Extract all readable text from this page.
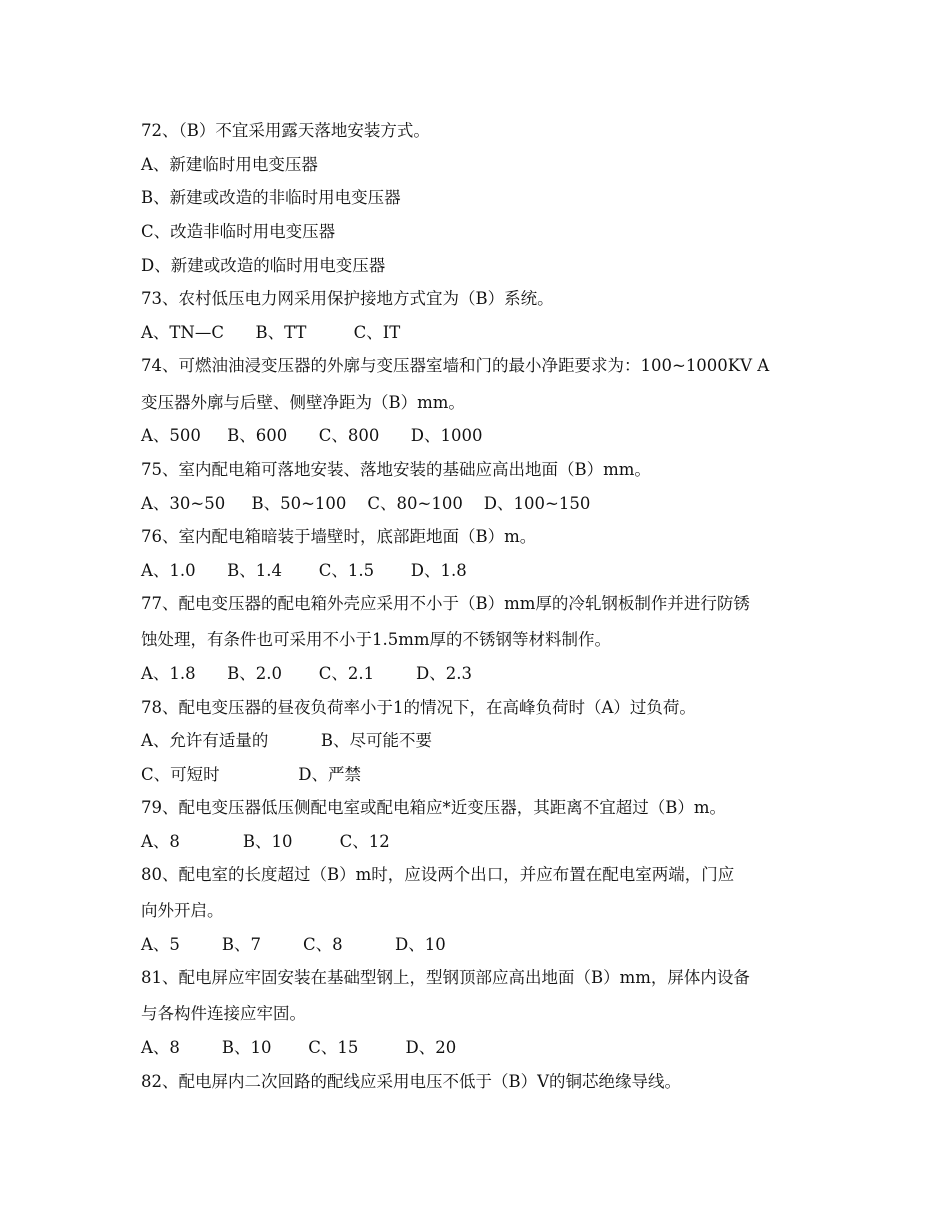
72、（B）不宜采用露天落地安装方式。
A、新建临时用电变压器
B、新建或改造的非临时用电变压器
C、改造非临时用电变压器
D、新建或改造的临时用电变压器
73、农村低压电力网采用保护接地方式宜为（B）系统。
A、TN—C      B、TT         C、IT
74、可燃油油浸变压器的外廓与变压器室墙和门的最小净距要求为：100~1000KV A
变压器外廓与后壁、侧壁净距为（B）mm。
A、500     B、600      C、800      D、1000
75、室内配电箱可落地安装、落地安装的基础应高出地面（B）mm。
A、30~50     B、50~100    C、80~100    D、100~150
76、室内配电箱暗装于墙壁时，底部距地面（B）m。
A、1.0      B、1.4       C、1.5       D、1.8
77、配电变压器的配电箱外壳应采用不小于（B）mm厚的冷轧钢板制作并进行防锈
蚀处理，有条件也可采用不小于1.5mm厚的不锈钢等材料制作。
A、1.8      B、2.0       C、2.1        D、2.3
78、配电变压器的昼夜负荷率小于1的情况下，在高峰负荷时（A）过负荷。
A、允许有适量的          B、尽可能不要
C、可短时               D、严禁
79、配电变压器低压侧配电室或配电箱应*近变压器，其距离不宜超过（B）m。
A、8            B、10         C、12
80、配电室的长度超过（B）m时，应设两个出口，并应布置在配电室两端，门应
向外开启。
A、5        B、7        C、8          D、10
81、配电屏应牢固安装在基础型钢上，型钢顶部应高出地面（B）mm，屏体内设备
与各构件连接应牢固。
A、8        B、10       C、15         D、20
82、配电屏内二次回路的配线应采用电压不低于（B）V的铜芯绝缘导线。
